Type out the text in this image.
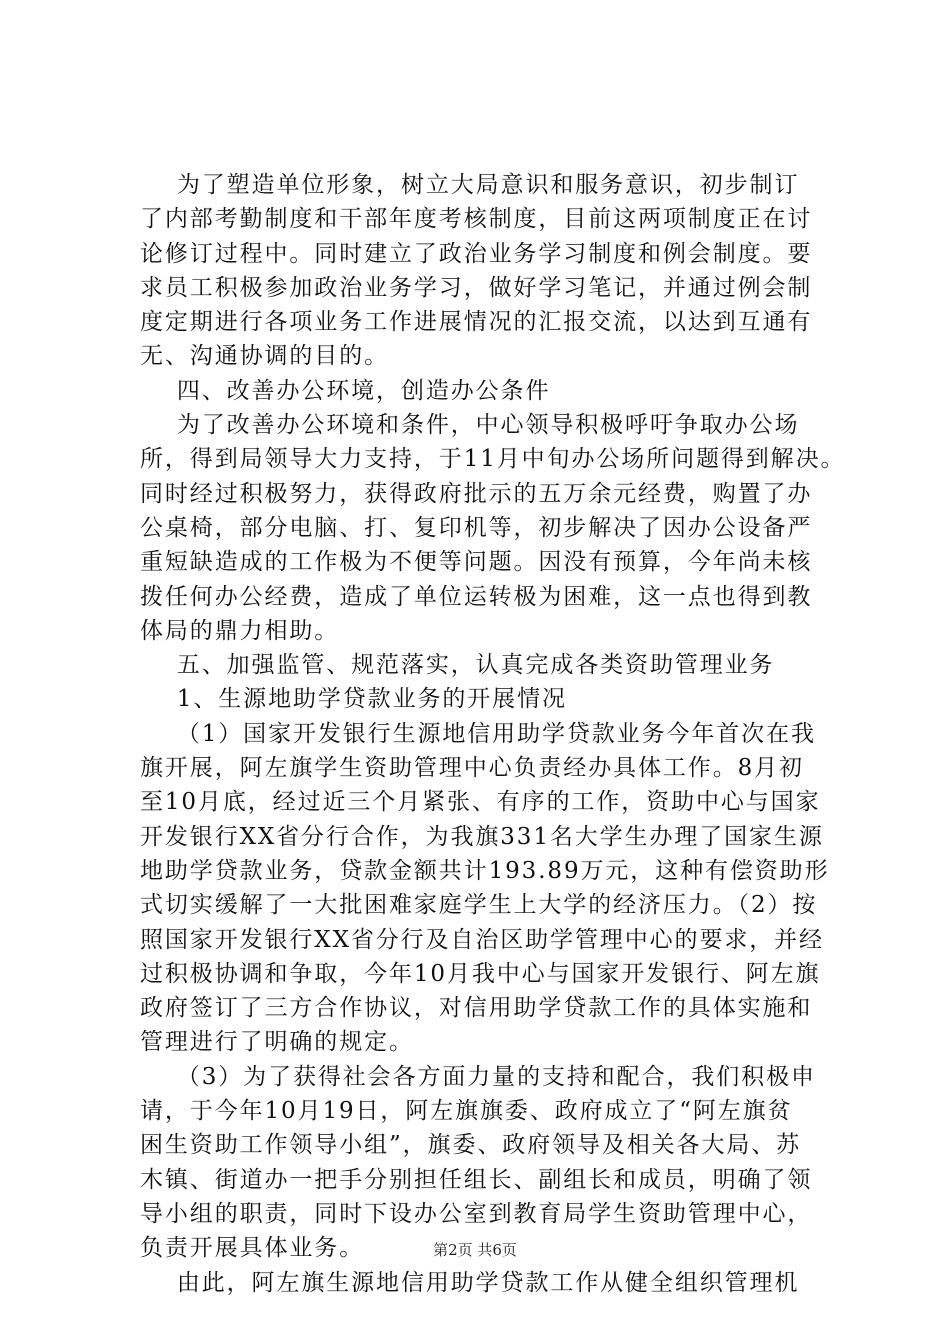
为了塑造单位形象，树立大局意识和服务意识，初步制订
了内部考勤制度和干部年度考核制度，目前这两项制度正在讨
论修订过程中。同时建立了政治业务学习制度和例会制度。要
求员工积极参加政治业务学习，做好学习笔记，并通过例会制
度定期进行各项业务工作进展情况的汇报交流，以达到互通有
无、沟通协调的目的。
四、改善办公环境，创造办公条件
为了改善办公环境和条件，中心领导积极呼吁争取办公场
所，得到局领导大力支持，于11月中旬办公场所问题得到解决。
同时经过积极努力，获得政府批示的五万余元经费，购置了办
公桌椅，部分电脑、打、复印机等，初步解决了因办公设备严
重短缺造成的工作极为不便等问题。因没有预算，今年尚未核
拨任何办公经费，造成了单位运转极为困难，这一点也得到教
体局的鼎力相助。
五、加强监管、规范落实，认真完成各类资助管理业务
1、生源地助学贷款业务的开展情况
（1）国家开发银行生源地信用助学贷款业务今年首次在我
旗开展，阿左旗学生资助管理中心负责经办具体工作。8月初
至10月底，经过近三个月紧张、有序的工作，资助中心与国家
开发银行XX省分行合作，为我旗331名大学生办理了国家生源
地助学贷款业务，贷款金额共计193.89万元，这种有偿资助形
式切实缓解了一大批困难家庭学生上大学的经济压力。（2）按
照国家开发银行XX省分行及自治区助学管理中心的要求，并经
过积极协调和争取，今年10月我中心与国家开发银行、阿左旗
政府签订了三方合作协议，对信用助学贷款工作的具体实施和
管理进行了明确的规定。
（3）为了获得社会各方面力量的支持和配合，我们积极申
请，于今年10月19日，阿左旗旗委、政府成立了“阿左旗贫
困生资助工作领导小组”，旗委、政府领导及相关各大局、苏
木镇、街道办一把手分别担任组长、副组长和成员，明确了领
导小组的职责，同时下设办公室到教育局学生资助管理中心，
负责开展具体业务。
由此，阿左旗生源地信用助学贷款工作从健全组织管理机
第2页 共6页
